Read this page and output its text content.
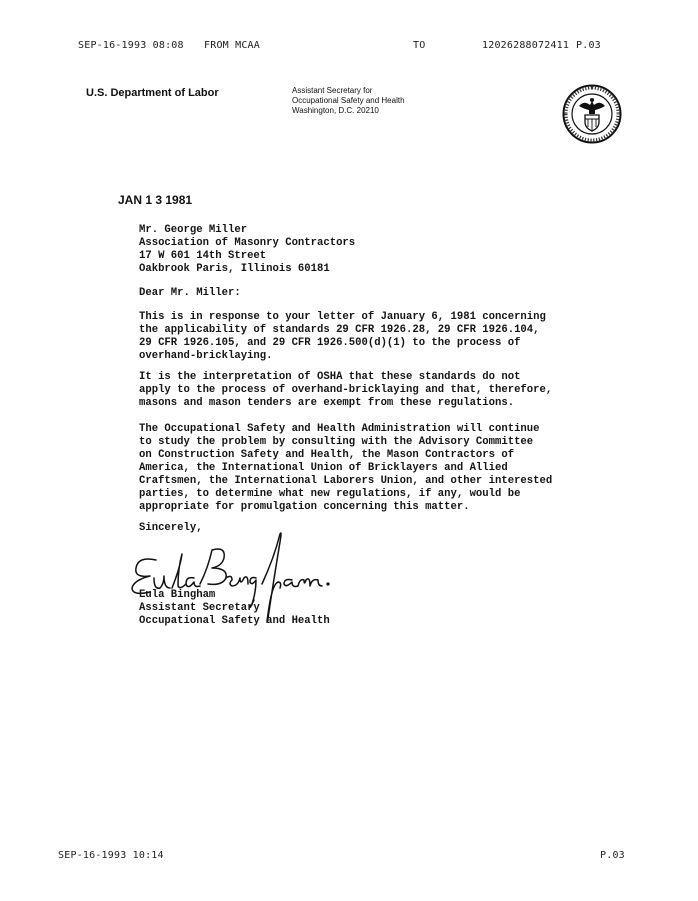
SEP-16-1993 08:08 FROM MCAA	TO	12026288072411 P.03
U.S. Department of Labor	Assistant Secretary for
Occupational Safety and Health
Washington, D.C. 20210
JAN 1 3 1981
Mr. George Miller
Association of Masonry Contractors
17 W 601 14th Street
Oakbrook Paris, Illinois 60181
Dear Mr. Miller:
This is in response to your letter of January 6, 1981 concerning
the applicability of standards 29 CFR 1926.28, 29 CFR 1926.104,
29 CFR 1926.105, and 29 CFR 1926.500(d)(1) to the process of
overhand-bricklaying.
It is the interpretation of OSHA that these standards do not
apply to the process of overhand-bricklaying and that, therefore,
masons and mason tenders are exempt from these regulations.
The Occupational Safety and Health Administration will continue
to study the problem by consulting with the Advisory Committee
on Construction Safety and Health, the Mason Contractors of
America, the International Union of Bricklayers and Allied
Craftsmen, the International Laborers Union, and other interested
parties, to determine what new regulations, if any, would be
appropriate for promulgation concerning this matter.
Sincerely,
Eula Bingham
Assistant Secretary
Occupational Safety and Health
SEP-16-1993 10:14	P.03
